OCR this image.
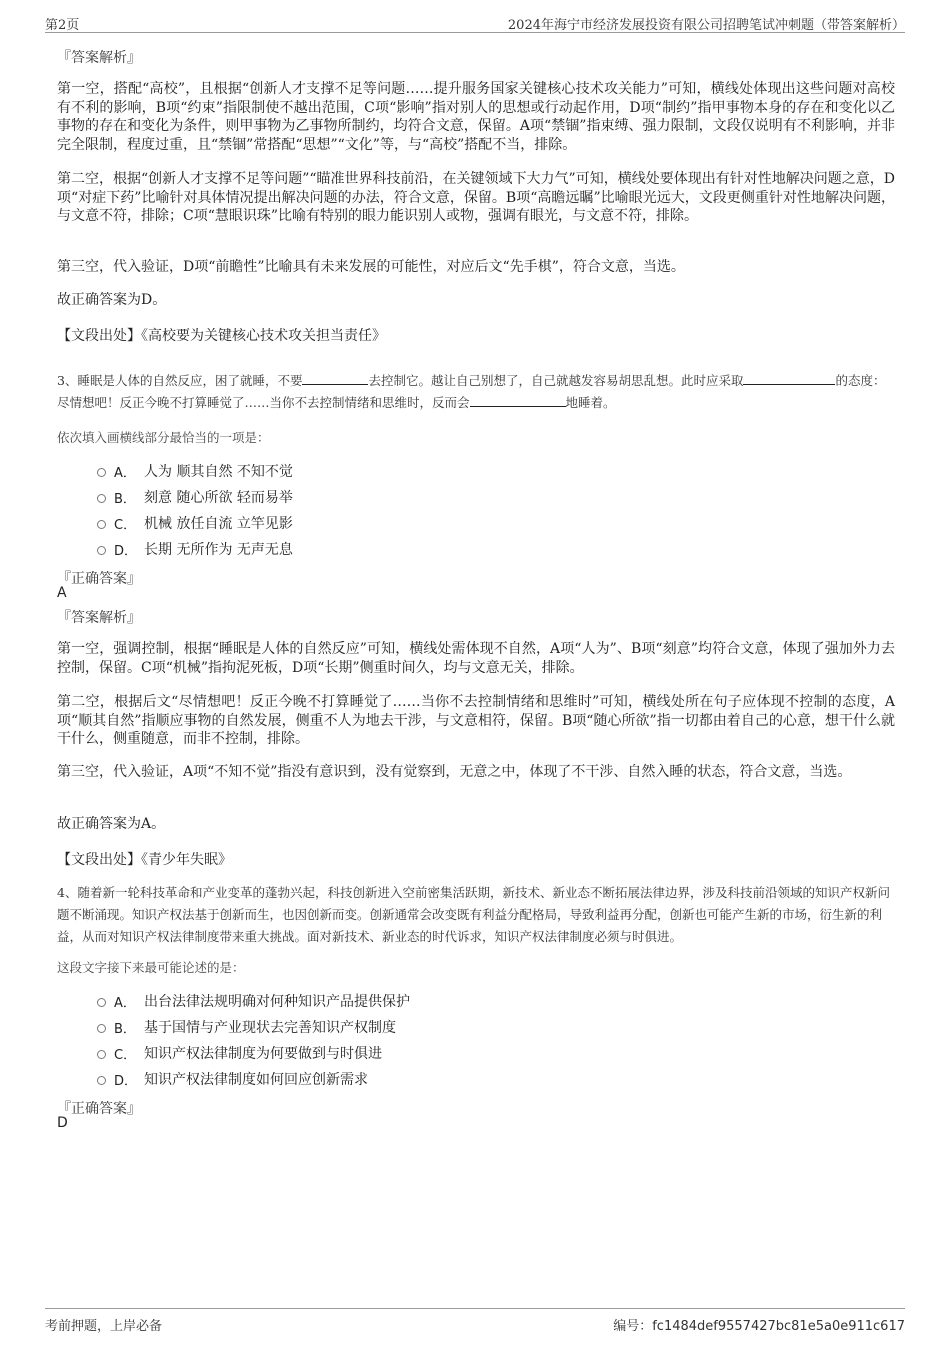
第2页	2024年海宁市经济发展投资有限公司招聘笔试冲刺题（带答案解析）
『答案解析』
第一空，搭配“高校”，且根据“创新人才支撑不足等问题……提升服务国家关键核心技术攻关能力”可知，横线处体现出这些问题对高校有不利的影响，B项“约束”指限制使不越出范围，C项“影响”指对别人的思想或行动起作用，D项“制约”指甲事物本身的存在和变化以乙事物的存在和变化为条件，则甲事物为乙事物所制约，均符合文意，保留。A项“禁锢”指束缚、强力限制，文段仅说明有不利影响，并非完全限制，程度过重，且“禁锢”常搭配“思想”“文化”等，与“高校”搭配不当，排除。
第二空，根据“创新人才支撑不足等问题”“瞄准世界科技前沿，在关键领域下大力气”可知，横线处要体现出有针对性地解决问题之意，D项“对症下药”比喻针对具体情况提出解决问题的办法，符合文意，保留。B项“高瞻远瞩”比喻眼光远大，文段更侧重针对性地解决问题，与文意不符，排除；C项“慧眼识珠”比喻有特别的眼力能识别人或物，强调有眼光，与文意不符，排除。
第三空，代入验证，D项“前瞻性”比喻具有未来发展的可能性，对应后文“先手棋”，符合文意，当选。
故正确答案为D。
【文段出处】《高校要为关键核心技术攻关担当责任》
3、睡眠是人体的自然反应，困了就睡，不要	去控制它。越让自己别想了，自己就越发容易胡思乱想。此时应采取	的态度：尽情想吧！反正今晚不打算睡觉了……当你不去控制情绪和思维时，反而会	地睡着。
依次填入画横线部分最恰当的一项是：
A． 人为 顺其自然 不知不觉
B． 刻意 随心所欲 轻而易举
C． 机械 放任自流 立竿见影
D． 长期 无所作为 无声无息
『正确答案』
A
『答案解析』
第一空，强调控制，根据“睡眠是人体的自然反应”可知，横线处需体现不自然，A项“人为”、B项“刻意”均符合文意，体现了强加外力去控制，保留。C项“机械”指拘泥死板，D项“长期”侧重时间久，均与文意无关，排除。
第二空，根据后文“尽情想吧！反正今晚不打算睡觉了……当你不去控制情绪和思维时”可知，横线处所在句子应体现不控制的态度，A项“顺其自然”指顺应事物的自然发展，侧重不人为地去干涉，与文意相符，保留。B项“随心所欲”指一切都由着自己的心意，想干什么就干什么，侧重随意，而非不控制，排除。
第三空，代入验证，A项“不知不觉”指没有意识到，没有觉察到，无意之中，体现了不干涉、自然入睡的状态，符合文意，当选。
故正确答案为A。
【文段出处】《青少年失眠》
4、随着新一轮科技革命和产业变革的蓬勃兴起，科技创新进入空前密集活跃期，新技术、新业态不断拓展法律边界，涉及科技前沿领域的知识产权新问题不断涌现。知识产权法基于创新而生，也因创新而变。创新通常会改变既有利益分配格局，导致利益再分配，创新也可能产生新的市场，衍生新的利益，从而对知识产权法律制度带来重大挑战。面对新技术、新业态的时代诉求，知识产权法律制度必须与时俱进。
这段文字接下来最可能论述的是：
A． 出台法律法规明确对何种知识产品提供保护
B． 基于国情与产业现状去完善知识产权制度
C． 知识产权法律制度为何要做到与时俱进
D． 知识产权法律制度如何回应创新需求
『正确答案』
D
考前押题，上岸必备	编号：fc1484def9557427bc81e5a0e911c617
